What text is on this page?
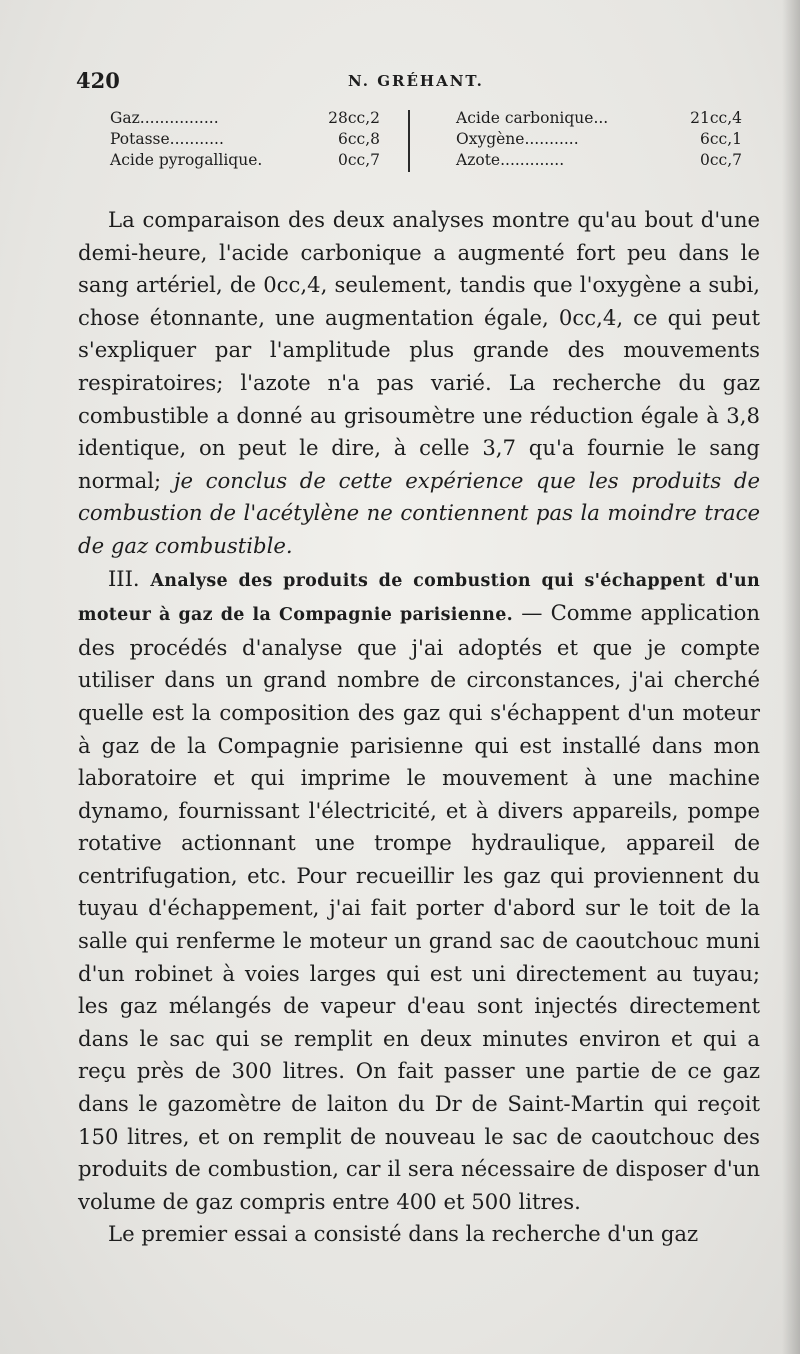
420	N. GRÉHANT.
Gaz................	28cc,2
Potasse...........	6cc,8
Acide pyrogallique.	0cc,7
Acide carbonique...	21cc,4
Oxygène...........	6cc,1
Azote.............	0cc,7

La comparaison des deux analyses montre qu'au bout d'une demi-heure, l'acide carbonique a augmenté fort peu dans le sang artériel, de 0cc,4, seulement, tandis que l'oxygène a subi, chose étonnante, une augmentation égale, 0cc,4, ce qui peut s'expliquer par l'amplitude plus grande des mouvements respiratoires; l'azote n'a pas varié. La recherche du gaz combustible a donné au grisoumètre une réduction égale à 3,8 identique, on peut le dire, à celle 3,7 qu'a fournie le sang normal; je conclus de cette expérience que les produits de combustion de l'acétylène ne contiennent pas la moindre trace de gaz combustible.

III. Analyse des produits de combustion qui s'échappent d'un moteur à gaz de la Compagnie parisienne. — Comme application des procédés d'analyse que j'ai adoptés et que je compte utiliser dans un grand nombre de circonstances, j'ai cherché quelle est la composition des gaz qui s'échappent d'un moteur à gaz de la Compagnie parisienne qui est installé dans mon laboratoire et qui imprime le mouvement à une machine dynamo, fournissant l'électricité, et à divers appareils, pompe rotative actionnant une trompe hydraulique, appareil de centrifugation, etc. Pour recueillir les gaz qui proviennent du tuyau d'échappement, j'ai fait porter d'abord sur le toit de la salle qui renferme le moteur un grand sac de caoutchouc muni d'un robinet à voies larges qui est uni directement au tuyau; les gaz mélangés de vapeur d'eau sont injectés directement dans le sac qui se remplit en deux minutes environ et qui a reçu près de 300 litres. On fait passer une partie de ce gaz dans le gazomètre de laiton du Dr de Saint-Martin qui reçoit 150 litres, et on remplit de nouveau le sac de caoutchouc des produits de combustion, car il sera nécessaire de disposer d'un volume de gaz compris entre 400 et 500 litres.

Le premier essai a consisté dans la recherche d'un gaz
